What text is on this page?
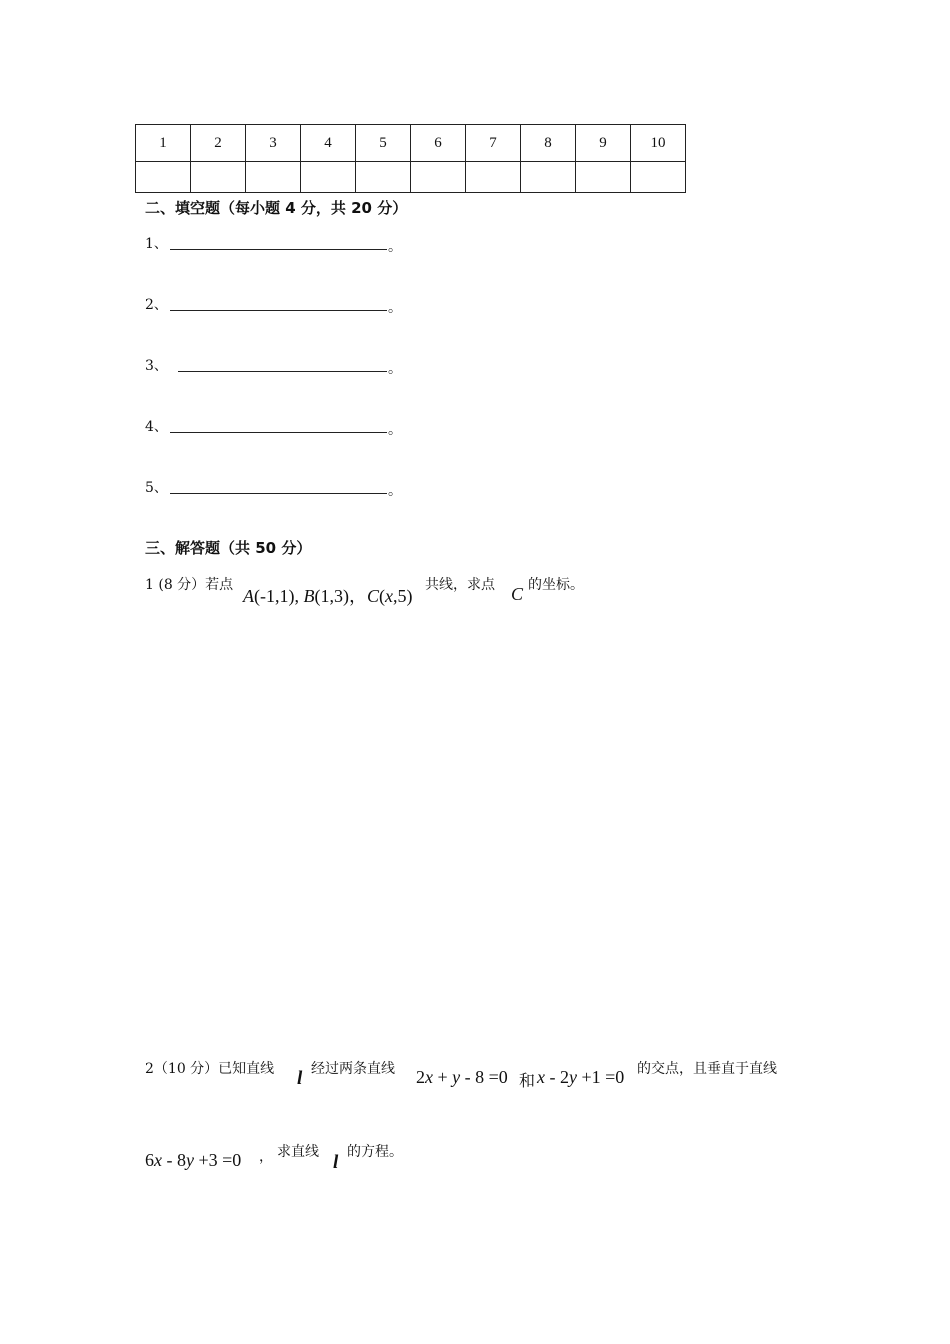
1	2	3	4	5	6	7	8	9	10

二、填空题（每小题 4 分，共 20 分）
1、	。
2、	。
3、	。
4、	。
5、	。
三、解答题（共 50 分）
1 (8 分）若点
A(-1,1), B(1,3)，C(x,5)
共线，求点 C 的坐标。
2（10 分）已知直线 l 经过两条直线 2x + y - 8 =0 和 x - 2y +1 =0 的交点，且垂直于直线
6x - 8y +3 =0 ， 求直线 l 的方程。
